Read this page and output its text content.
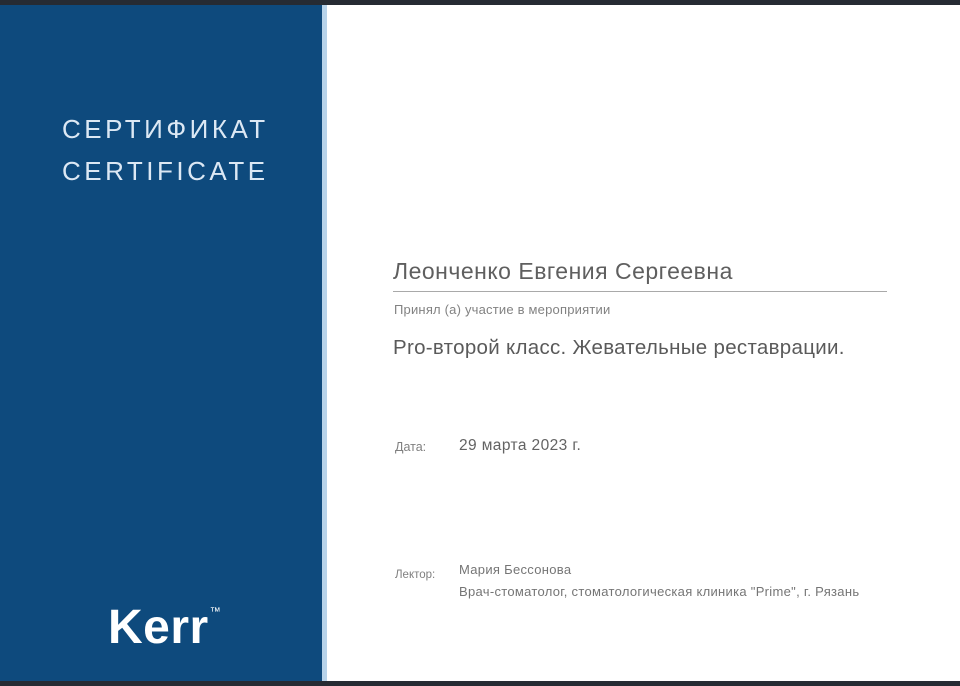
СЕРТИФИКАТ
CERTIFICATE
Kerr™
Леонченко Евгения Сергеевна
Принял (а) участие в мероприятии
Pro-второй класс. Жевательные реставрации.
Дата: 29 марта 2023 г.
Лектор: Мария Бессонова
Врач-стоматолог, стоматологическая клиника "Prime", г. Рязань
